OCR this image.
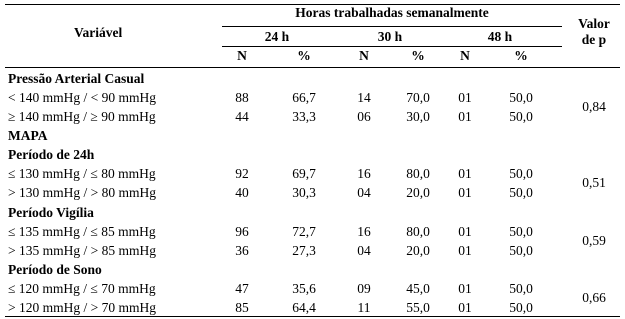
Variável
Horas trabalhadas semanalmente
Valor
de p
24 h	30 h	48 h
N	%	N	%	N	%
Pressão Arterial Casual
< 140 mmHg / < 90 mmHg	88	66,7	14	70,0	01	50,0
≥ 140 mmHg / ≥ 90 mmHg	44	33,3	06	30,0	01	50,0
0,84
MAPA
Período de 24h
≤ 130 mmHg / ≤ 80 mmHg	92	69,7	16	80,0	01	50,0
> 130 mmHg / > 80 mmHg	40	30,3	04	20,0	01	50,0
0,51
Período Vigília
≤ 135 mmHg / ≤ 85 mmHg	96	72,7	16	80,0	01	50,0
> 135 mmHg / > 85 mmHg	36	27,3	04	20,0	01	50,0
0,59
Período de Sono
≤ 120 mmHg / ≤ 70 mmHg	47	35,6	09	45,0	01	50,0
> 120 mmHg / > 70 mmHg	85	64,4	11	55,0	01	50,0
0,66
